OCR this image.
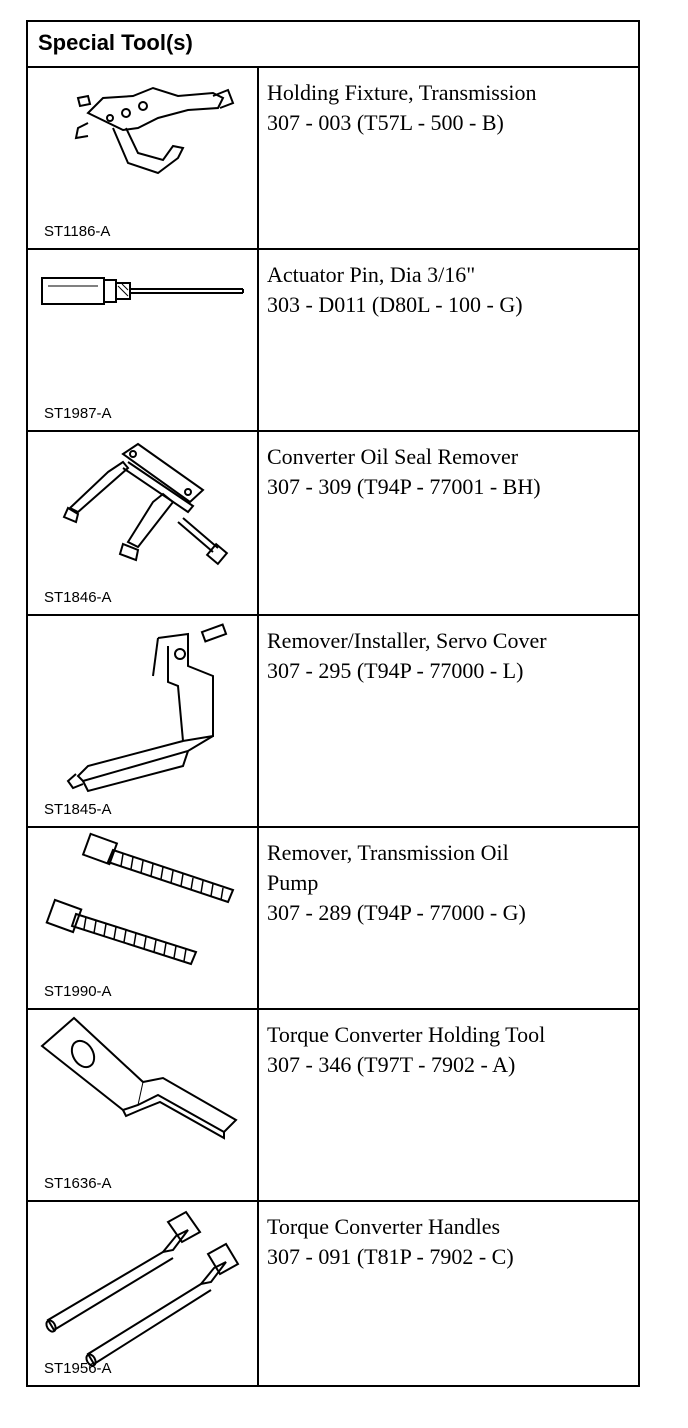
Special Tool(s)
ST1186-A
Holding Fixture, Transmission
307 - 003 (T57L - 500 - B)
ST1987-A
Actuator Pin, Dia 3/16"
303 - D011 (D80L - 100 - G)
ST1846-A
Converter Oil Seal Remover
307 - 309 (T94P - 77001 - BH)
ST1845-A
Remover/Installer, Servo Cover
307 - 295 (T94P - 77000 - L)
ST1990-A
Remover, Transmission Oil
Pump
307 - 289 (T94P - 77000 - G)
ST1636-A
Torque Converter Holding Tool
307 - 346 (T97T - 7902 - A)
ST1956-A
Torque Converter Handles
307 - 091 (T81P - 7902 - C)
